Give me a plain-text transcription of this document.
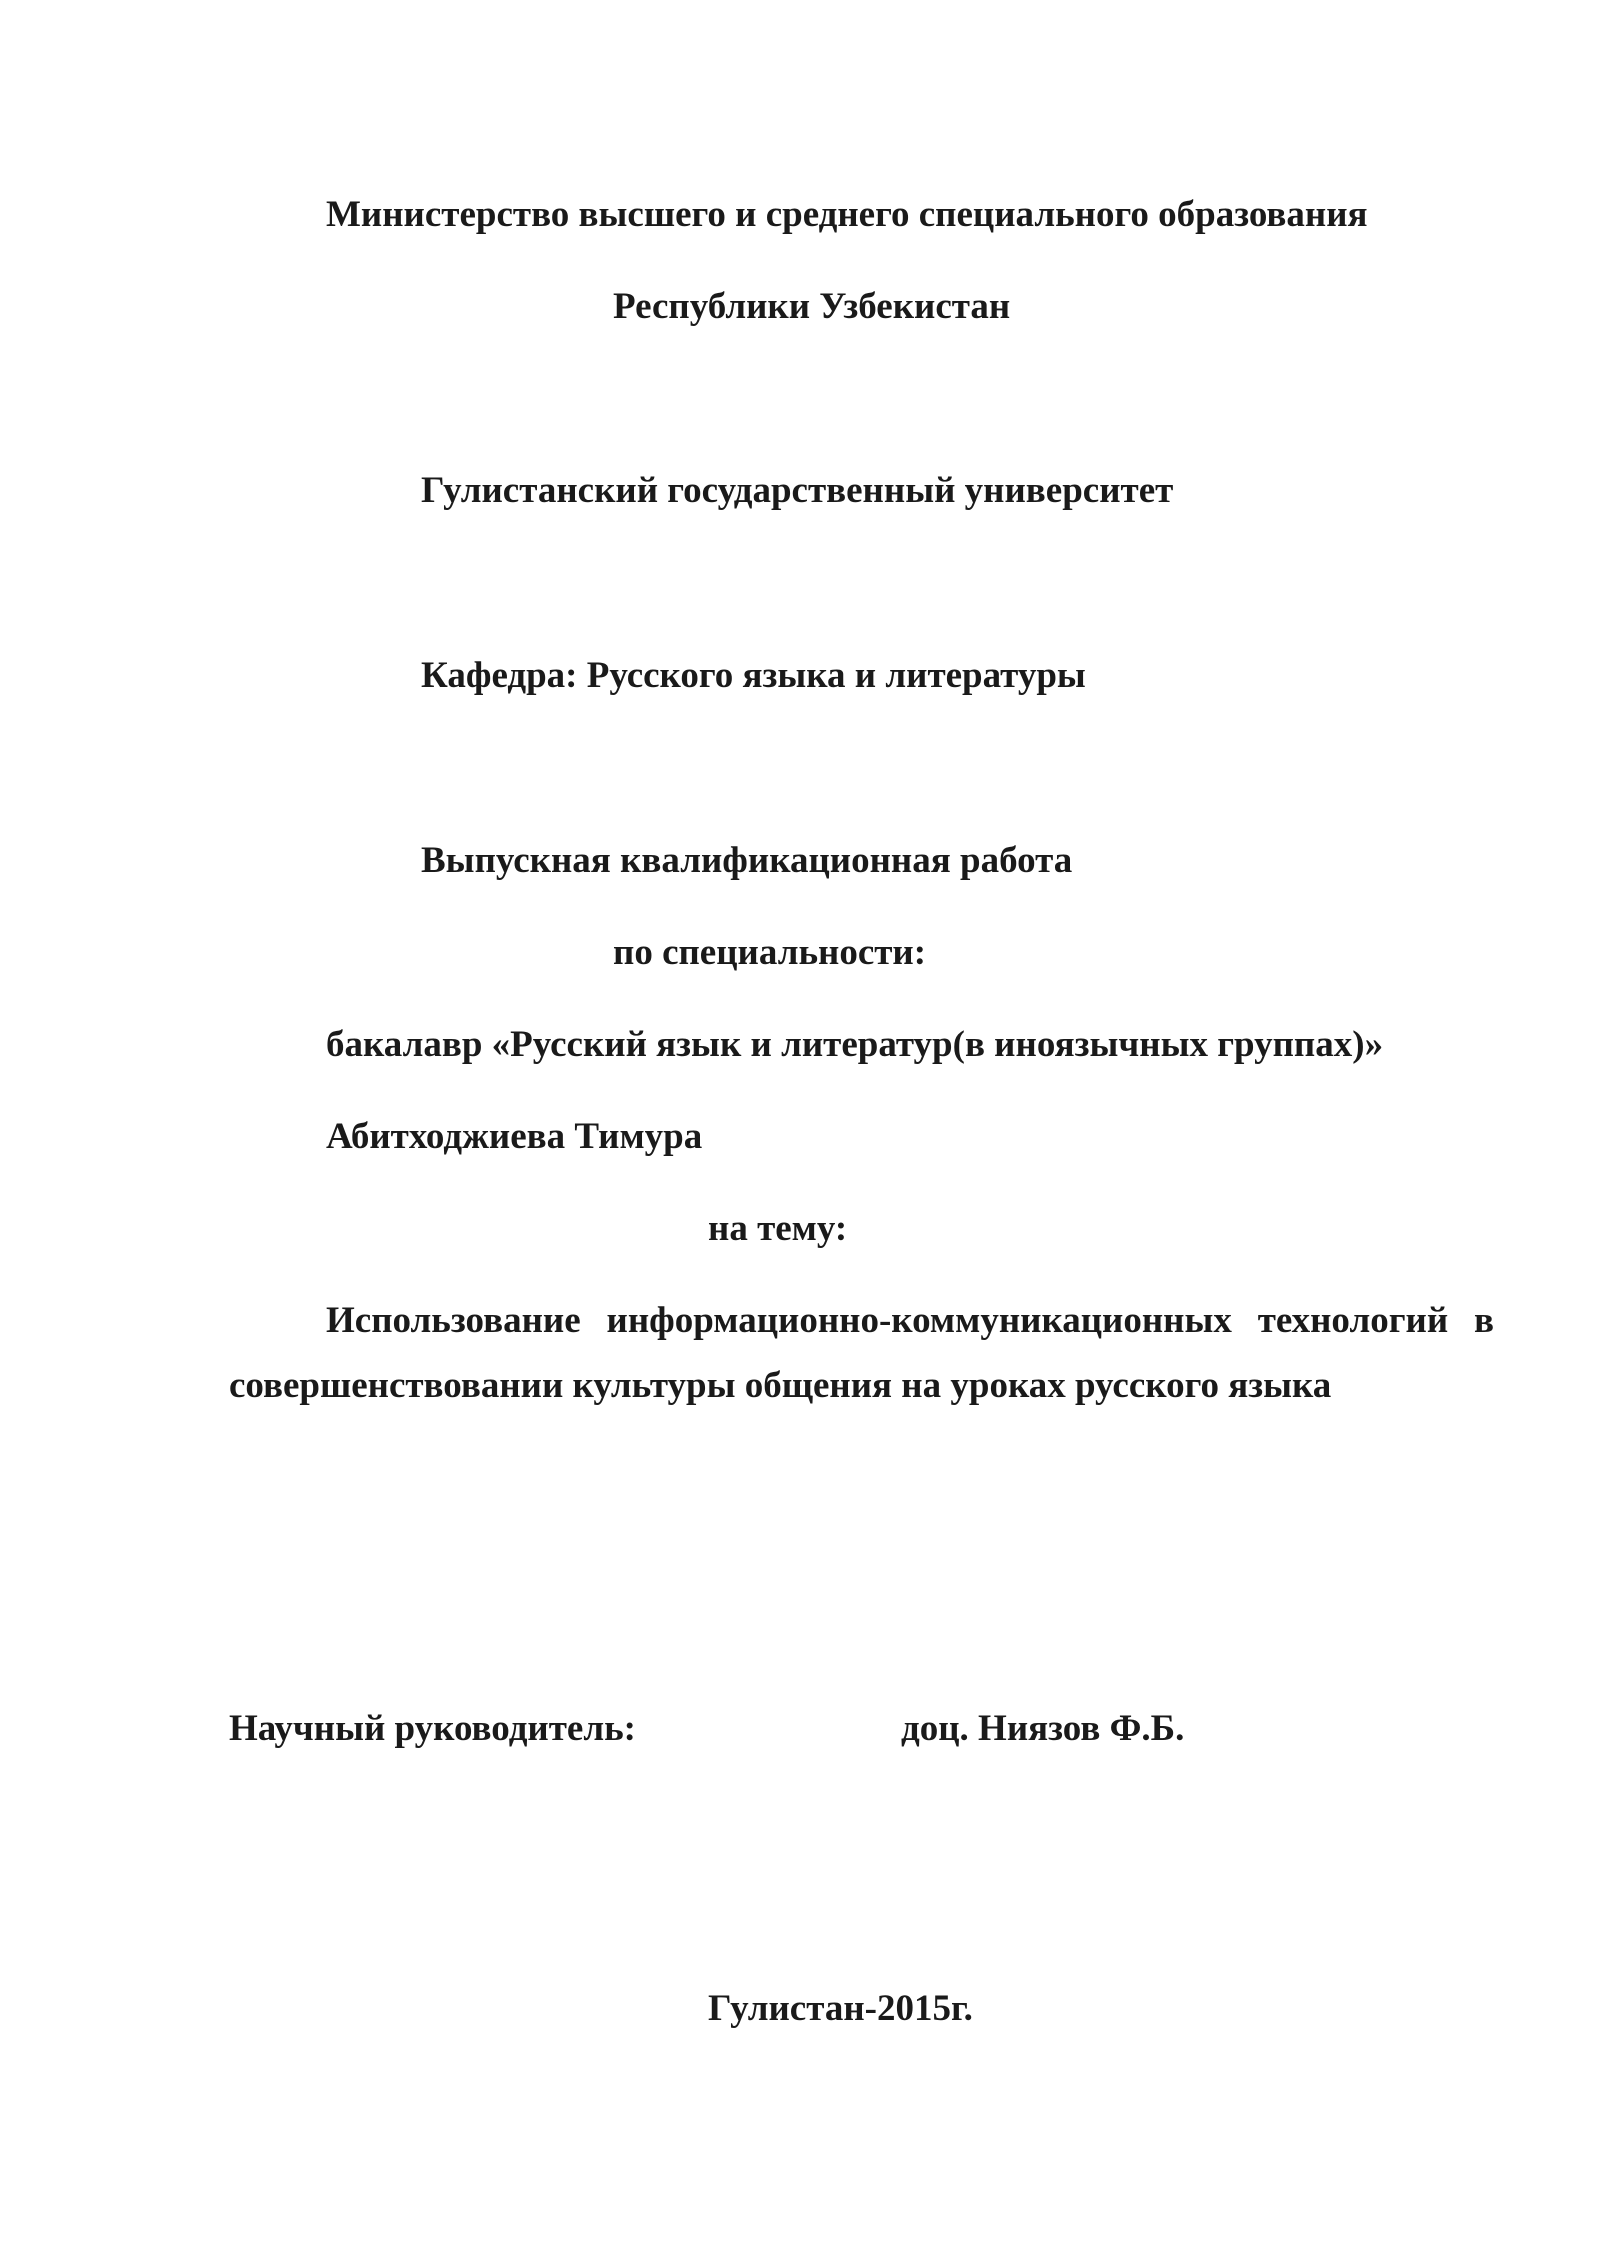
Министерство высшего и среднего специального образования
Республики Узбекистан
Гулистанский государственный университет
Кафедра: Русского языка и литературы
Выпускная квалификационная работа
по специальности:
бакалавр «Русский язык и литератур(в иноязычных группах)»
Абитходжиева Тимура
на тему:
Использование информационно-коммуникационных технологий в
совершенствовании культуры общения на уроках русского языка
Научный руководитель:	доц. Ниязов Ф.Б.
Гулистан-2015г.
